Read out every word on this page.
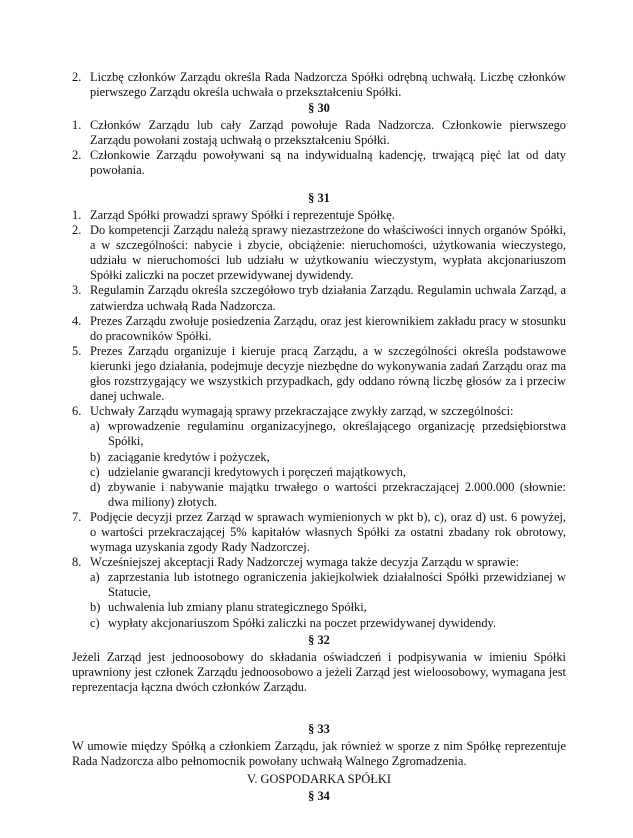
2. Liczbę członków Zarządu określa Rada Nadzorcza Spółki odrębną uchwałą. Liczbę członków pierwszego Zarządu określa uchwała o przekształceniu Spółki.
§ 30
1. Członków Zarządu lub cały Zarząd powołuje Rada Nadzorcza. Członkowie pierwszego Zarządu powołani zostają uchwałą o przekształceniu Spółki.
2. Członkowie Zarządu powoływani są na indywidualną kadencję, trwającą pięć lat od daty powołania.
§ 31
1. Zarząd Spółki prowadzi sprawy Spółki i reprezentuje Spółkę.
2. Do kompetencji Zarządu należą sprawy niezastrzeżone do właściwości innych organów Spółki, a w szczególności: nabycie i zbycie, obciążenie: nieruchomości, użytkowania wieczystego, udziału w nieruchomości lub udziału w użytkowaniu wieczystym, wypłata akcjonariuszom Spółki zaliczki na poczet przewidywanej dywidendy.
3. Regulamin Zarządu określa szczegółowo tryb działania Zarządu. Regulamin uchwala Zarząd, a zatwierdza uchwałą Rada Nadzorcza.
4. Prezes Zarządu zwołuje posiedzenia Zarządu, oraz jest kierownikiem zakładu pracy w stosunku do pracowników Spółki.
5. Prezes Zarządu organizuje i kieruje pracą Zarządu, a w szczególności określa podstawowe kierunki jego działania, podejmuje decyzje niezbędne do wykonywania zadań Zarządu oraz ma głos rozstrzygający we wszystkich przypadkach, gdy oddano równą liczbę głosów za i przeciw danej uchwale.
6. Uchwały Zarządu wymagają sprawy przekraczające zwykły zarząd, w szczególności:
a) wprowadzenie regulaminu organizacyjnego, określającego organizację przedsiębiorstwa Spółki,
b) zaciąganie kredytów i pożyczek,
c) udzielanie gwarancji kredytowych i poręczeń majątkowych,
d) zbywanie i nabywanie majątku trwałego o wartości przekraczającej 2.000.000 (słownie: dwa miliony) złotych.
7. Podjęcie decyzji przez Zarząd w sprawach wymienionych w pkt b), c), oraz d) ust. 6 powyżej, o wartości przekraczającej 5% kapitałów własnych Spółki za ostatni zbadany rok obrotowy, wymaga uzyskania zgody Rady Nadzorczej.
8. Wcześniejszej akceptacji Rady Nadzorczej wymaga także decyzja Zarządu w sprawie:
a) zaprzestania lub istotnego ograniczenia jakiejkolwiek działalności Spółki przewidzianej w Statucie,
b) uchwalenia lub zmiany planu strategicznego Spółki,
c) wypłaty akcjonariuszom Spółki zaliczki na poczet przewidywanej dywidendy.
§ 32
Jeżeli Zarząd jest jednoosobowy do składania oświadczeń i podpisywania w imieniu Spółki uprawniony jest członek Zarządu jednoosobowo a jeżeli Zarząd jest wieloosobowy, wymagana jest reprezentacja łączna dwóch członków Zarządu.
§ 33
W umowie między Spółką a członkiem Zarządu, jak również w sporze z nim Spółkę reprezentuje Rada Nadzorcza albo pełnomocnik powołany uchwałą Walnego Zgromadzenia.
V. GOSPODARKA SPÓŁKI
§ 34
